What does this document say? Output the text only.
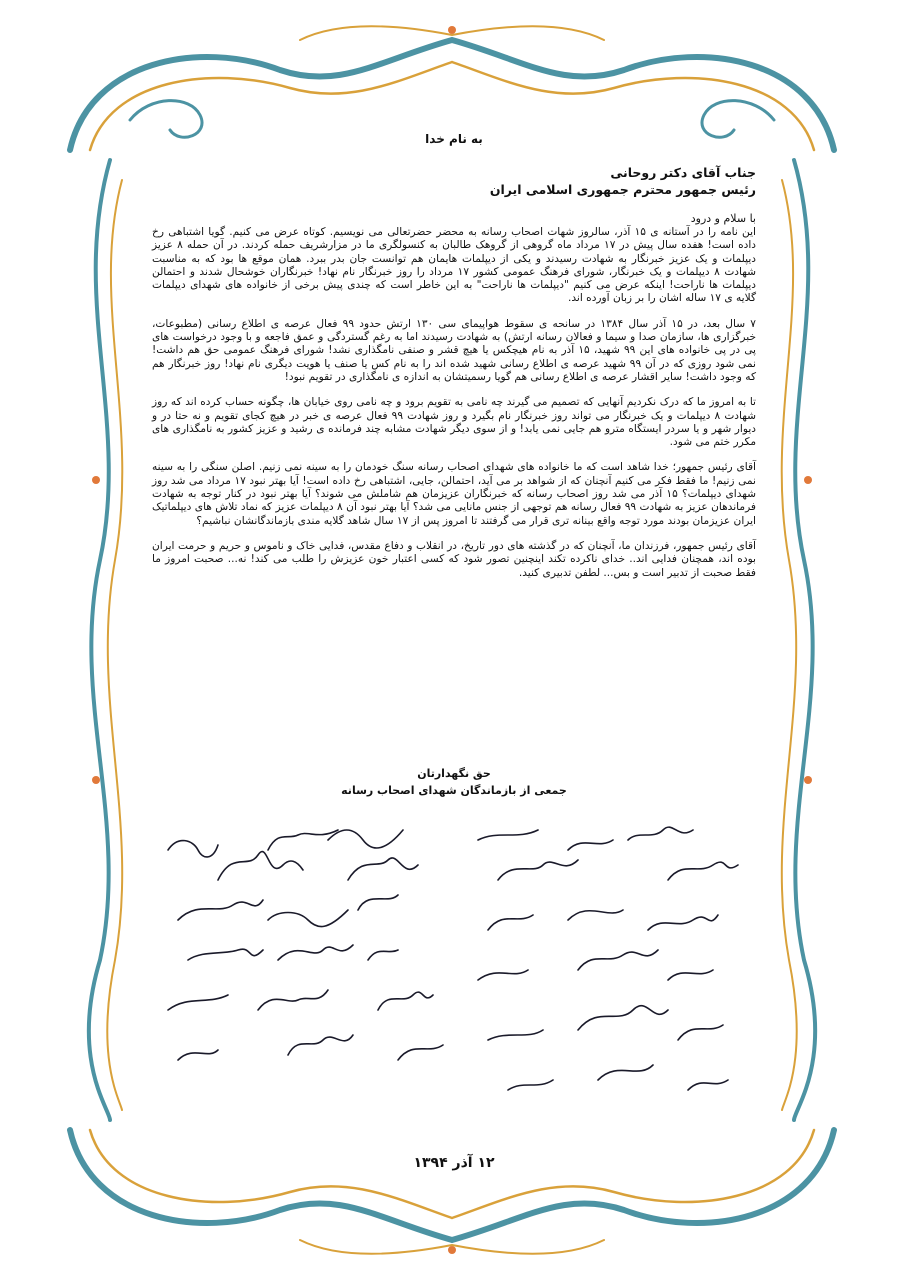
به نام خدا
جناب آقای دکتر روحانی
رئیس جمهور محترم جمهوری اسلامی ایران
با سلام و درود

این نامه را در آستانه ی ۱۵ آذر، سالروز شهات اصحاب رسانه به محضر حضرتعالی می نویسیم. کوتاه عرض می کنیم. گویا اشتباهی رخ داده است! هفده سال پیش در ۱۷ مرداد ماه گروهی از گروهک طالبان به کنسولگری ما در مزارشریف حمله کردند. در آن حمله ۸ عزیز دیپلمات و یک عزیز خبرنگار به شهادت رسیدند و یکی از دیپلمات هایمان هم توانست جان بدر ببرد. همان موقع ها بود که به مناسبت شهادت ۸ دیپلمات و یک خبرنگار، شورای فرهنگ عمومی کشور ۱۷ مرداد را روز خبرنگار نام نهاد! خبرنگاران خوشحال شدند و احتمالن دیپلمات ها ناراحت! اینکه عرض می کنیم "دیپلمات ها ناراحت" به این خاطر است که چندی پیش برخی از خانواده های شهدای دیپلمات گلایه ی ۱۷ ساله اشان را بر زبان آورده اند.

۷ سال بعد، در ۱۵ آذر سال ۱۳۸۴ در سانحه ی سقوط هواپیمای سی ۱۳۰ ارتش حدود ۹۹ فعال عرصه ی اطلاع رسانی (مطبوعات، خبرگزاری ها، سازمان صدا و سیما و فعالان رسانه ارتش) به شهادت رسیدند اما به رغم گستردگی و عمق فاجعه و با وجود درخواست های پی در پی خانواده های این ۹۹ شهید، ۱۵ آذر به نام هیچکس یا هیچ قشر و صنفی نامگذاری نشد! شورای فرهنگ عمومی حق هم داشت! نمی شود روزی که در آن ۹۹ شهید عرصه ی اطلاع رسانی شهید شده اند را به نام کس یا صنف یا هویت دیگری نام نهاد! روز خبرنگار هم که وجود داشت! سایر اقشار عرصه ی اطلاع رسانی هم گویا رسمیتشان به اندازه ی نامگذاری در تقویم نبود!

تا به امروز ما که درک نکردیم آنهایی که تصمیم می گیرند چه نامی به تقویم برود و چه نامی روی خیابان ها، چگونه حساب کرده اند که روز شهادت ۸ دیپلمات و یک خبرنگار می تواند روز خبرنگار نام بگیرد و روز شهادت ۹۹ فعال عرصه ی خبر در هیچ کجای تقویم و نه حتا در و دیوار شهر و یا سردر ایستگاه مترو هم جایی نمی یابد! و از سوی دیگر شهادت مشابه چند فرمانده ی رشید و عزیز کشور به نامگذاری های مکرر ختم می شود.

آقای رئیس جمهور؛ خدا شاهد است که ما خانواده های شهدای اصحاب رسانه سنگ خودمان را به سینه نمی زنیم. اصلن سنگی را به سینه نمی زنیم! ما فقط فکر می کنیم آنچنان که از شواهد بر می آید، احتمالن، جایی، اشتباهی رخ داده است! آیا بهتر نبود ۱۷ مرداد می شد روز شهدای دیپلمات؟ ۱۵ آذر می شد روز اصحاب رسانه که خبرنگاران عزیزمان هم شاملش می شوند؟ آیا بهتر نبود در کنار توجه به شهادت فرماندهان عزیز به شهادت ۹۹ فعال رسانه هم توجهی از جنس مانایی می شد؟ آیا بهتر نبود آن ۸ دیپلمات عزیز که نماد تلاش های دیپلماتیک ایران عزیزمان بودند مورد توجه واقع بینانه تری قرار می گرفتند تا امروز پس از ۱۷ سال شاهد گلایه مندی بازماندگانشان نباشیم؟

آقای رئیس جمهور، فرزندان ما، آنچنان که در گذشته های دور تاریخ، در انقلاب و دفاع مقدس، فدایی خاک و ناموس و حریم و حرمت ایران بوده اند، همچنان فدایی اند.. خدای ناکرده تکند اینچنین تصور شود که کسی اعتبار خون عزیزش را طلب می کند! نه... صحبت امروز ما فقط صحبت از تدبیر است و بس... لطفن تدبیری کنید.

حق نگهدارتان
جمعی از بازماندگان شهدای اصحاب رسانه
۱۲ آذر ۱۳۹۴
